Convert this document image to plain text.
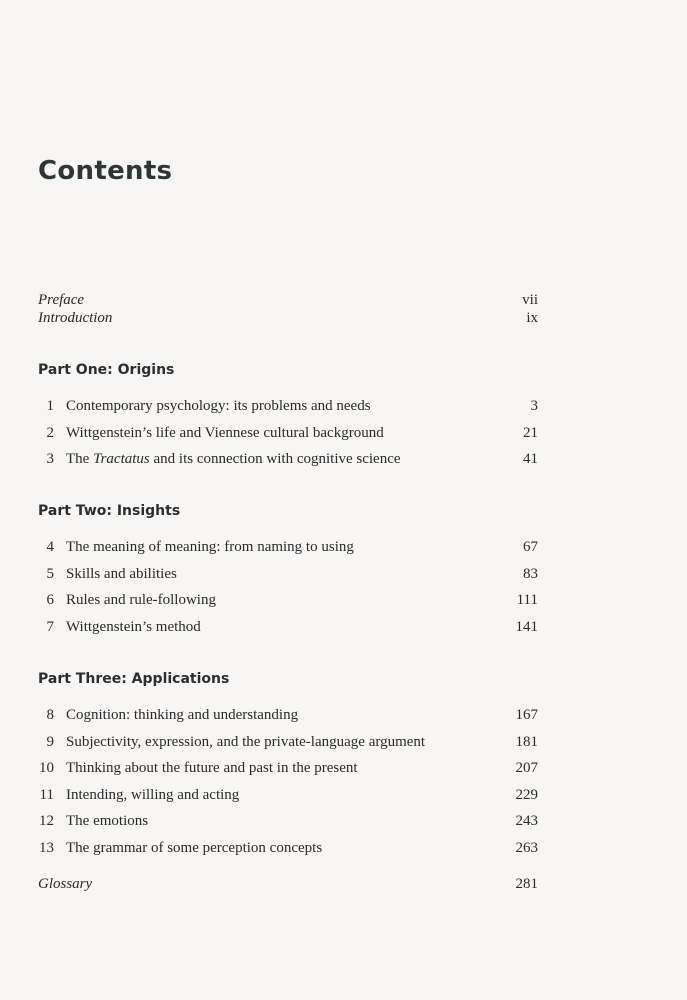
Contents
Preface	vii
Introduction	ix
Part One: Origins
1 Contemporary psychology: its problems and needs	3
2 Wittgenstein’s life and Viennese cultural background	21
3 The Tractatus and its connection with cognitive science	41
Part Two: Insights
4 The meaning of meaning: from naming to using	67
5 Skills and abilities	83
6 Rules and rule-following	111
7 Wittgenstein’s method	141
Part Three: Applications
8 Cognition: thinking and understanding	167
9 Subjectivity, expression, and the private-language argument	181
10 Thinking about the future and past in the present	207
11 Intending, willing and acting	229
12 The emotions	243
13 The grammar of some perception concepts	263
Glossary	281
